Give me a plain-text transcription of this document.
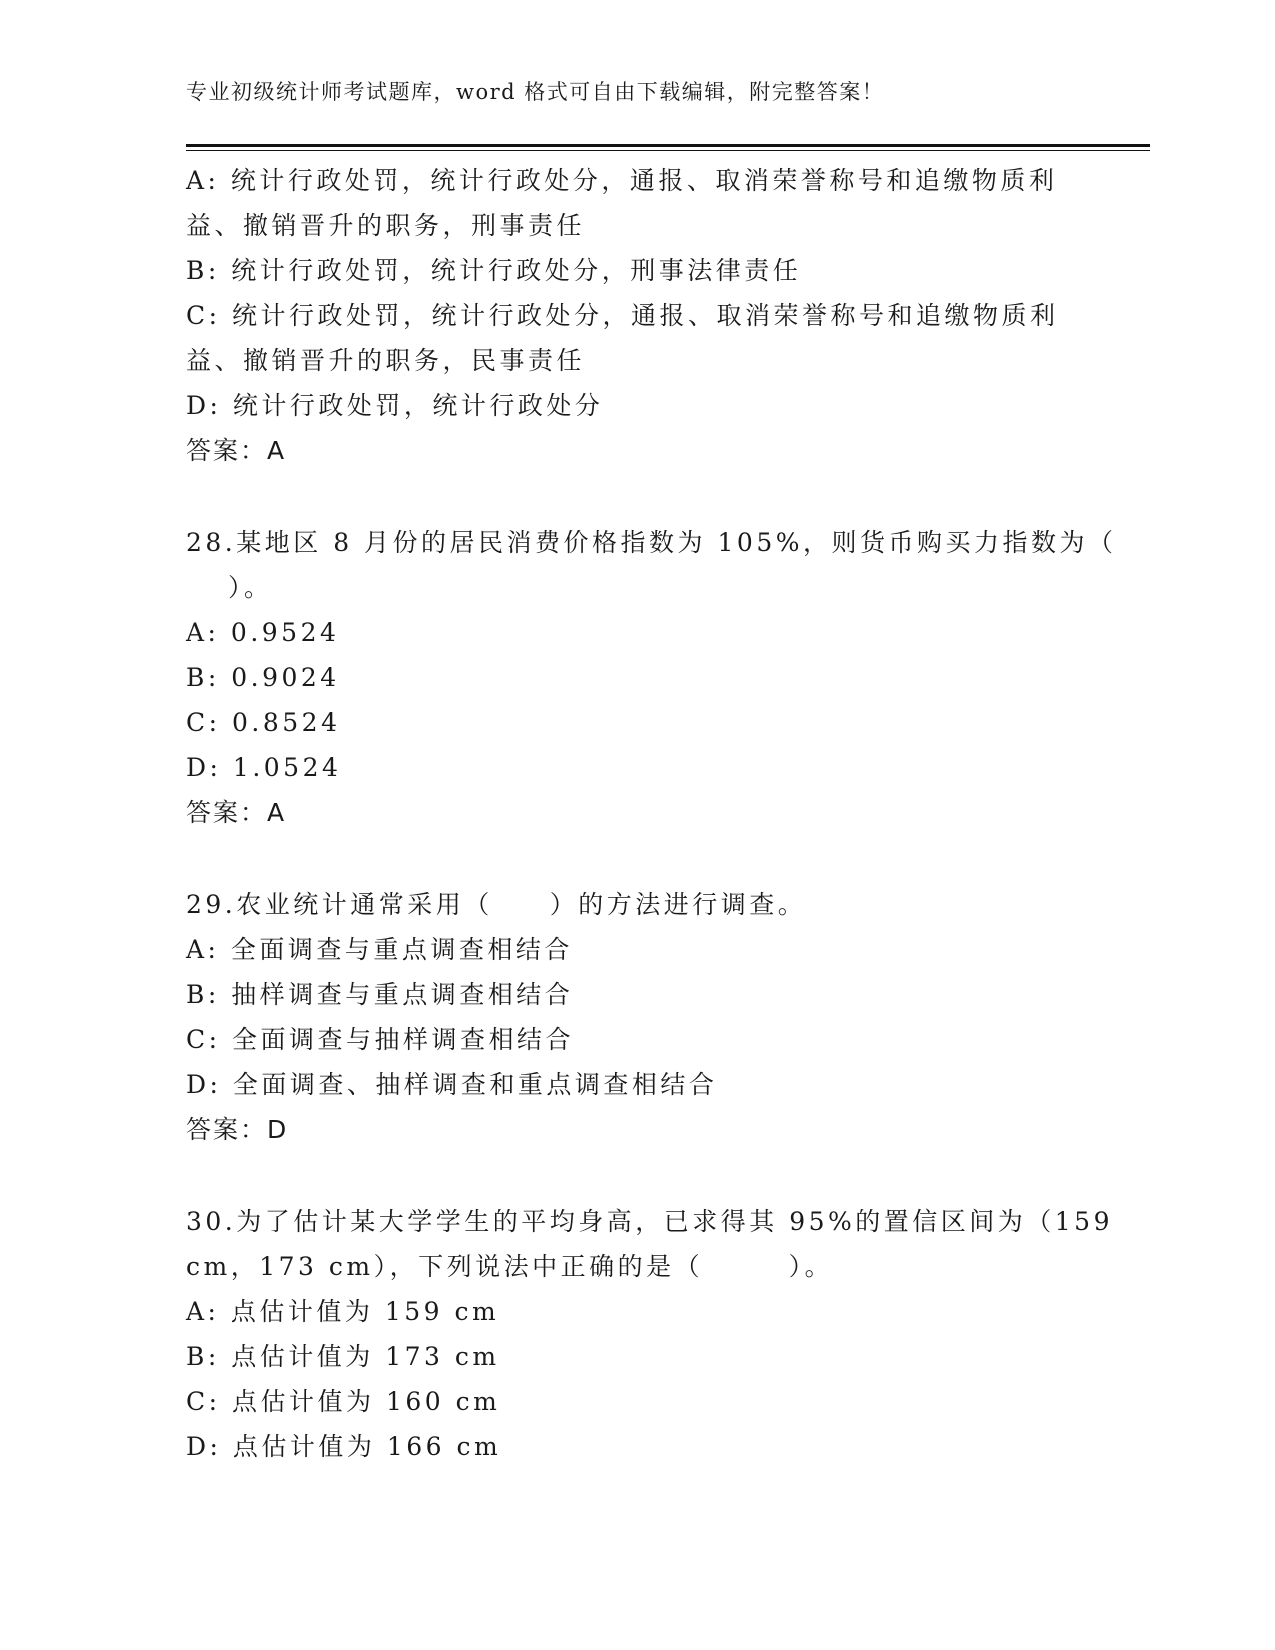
专业初级统计师考试题库，word 格式可自由下载编辑，附完整答案！
A: 统计行政处罚，统计行政处分，通报、取消荣誉称号和追缴物质利
益、撤销晋升的职务，刑事责任
B: 统计行政处罚，统计行政处分，刑事法律责任
C: 统计行政处罚，统计行政处分，通报、取消荣誉称号和追缴物质利
益、撤销晋升的职务，民事责任
D: 统计行政处罚，统计行政处分
答案：A
28.某地区 8 月份的居民消费价格指数为 105%，则货币购买力指数为（
）。
A: 0.9524
B: 0.9024
C: 0.8524
D: 1.0524
答案：A
29.农业统计通常采用（　　）的方法进行调查。
A: 全面调查与重点调查相结合
B: 抽样调查与重点调查相结合
C: 全面调查与抽样调查相结合
D: 全面调查、抽样调查和重点调查相结合
答案：D
30.为了估计某大学学生的平均身高，已求得其 95%的置信区间为（159
cm，173 cm），下列说法中正确的是（　　　）。
A: 点估计值为 159 cm
B: 点估计值为 173 cm
C: 点估计值为 160 cm
D: 点估计值为 166 cm
